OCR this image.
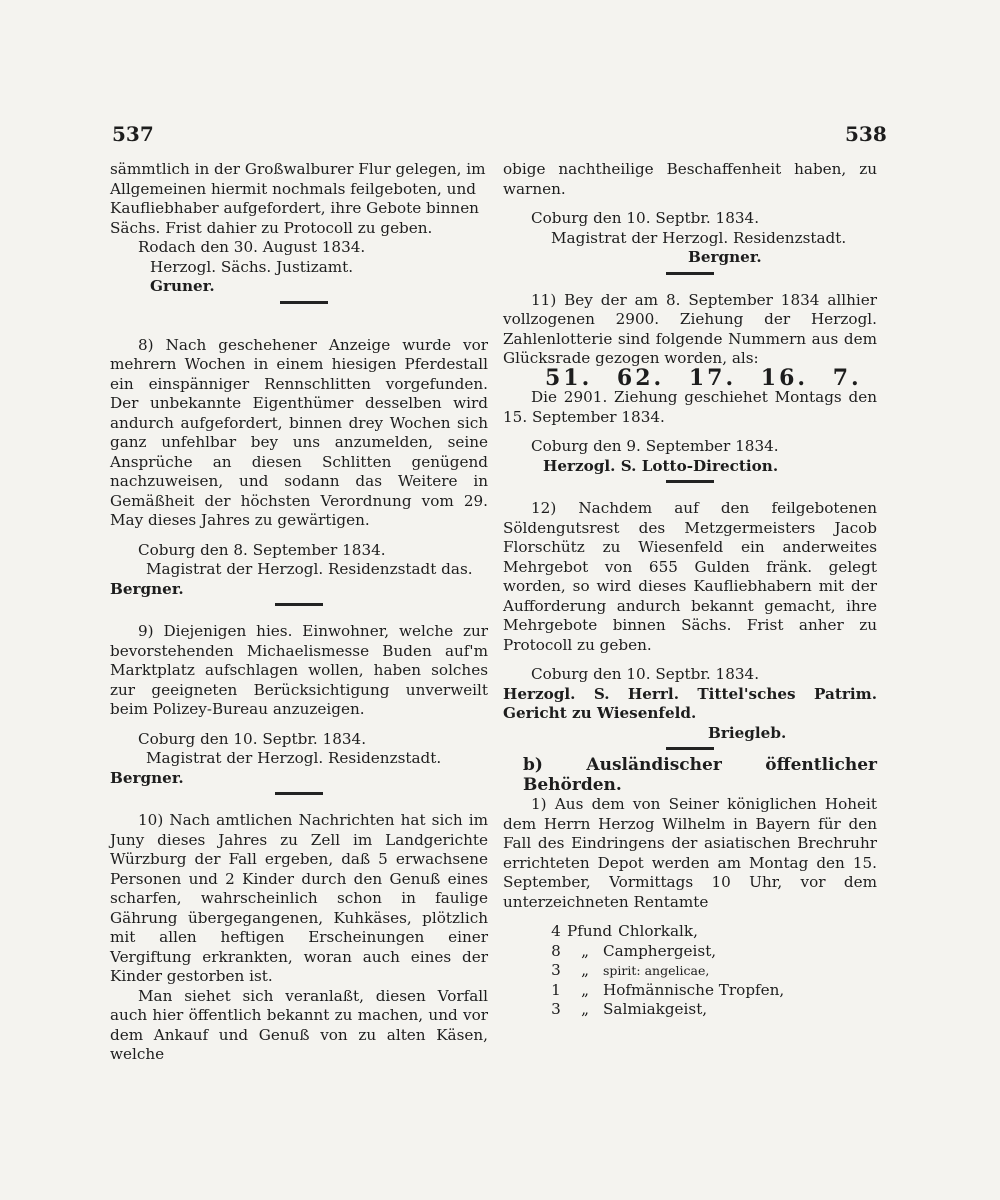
537	538

sämmtlich in der Großwalburer Flur gelegen, im

Allgemeinen hiermit nochmals feilgeboten, und

Kaufliebhaber aufgefordert, ihre Gebote binnen

Sächs. Frist dahier zu Protocoll zu geben.

Rodach den 30. August 1834.

Herzogl. Sächs. Justizamt.

Gruner.

8) Nach geschehener Anzeige wurde vor mehrern Wochen in einem hiesigen Pferdestall ein einspänniger Rennschlitten vorgefunden. Der unbekannte Eigenthümer desselben wird andurch aufgefordert, binnen drey Wochen sich ganz unfehlbar bey uns anzumelden, seine Ansprüche an diesen Schlitten genügend nachzuweisen, und sodann das Weitere in Gemäßheit der höchsten Verordnung vom 29. May dieses Jahres zu gewärtigen.

Coburg den 8. September 1834.

Magistrat der Herzogl. Residenzstadt das.

Bergner.

9) Diejenigen hies. Einwohner, welche zur bevorstehenden Michaelismesse Buden auf'm Marktplatz aufschlagen wollen, haben solches zur geeigneten Berücksichtigung unverweilt beim Polizey-Bureau anzuzeigen.

Coburg den 10. Septbr. 1834.

Magistrat der Herzogl. Residenzstadt.

Bergner.

10) Nach amtlichen Nachrichten hat sich im Juny dieses Jahres zu Zell im Landgerichte Würzburg der Fall ergeben, daß 5 erwachsene Personen und 2 Kinder durch den Genuß eines scharfen, wahrscheinlich schon in faulige Gährung übergegangenen, Kuhkäses, plötzlich mit allen heftigen Erscheinungen einer Vergiftung erkrankten, woran auch eines der Kinder gestorben ist.

Man siehet sich veranlaßt, diesen Vorfall auch hier öffentlich bekannt zu machen, und vor dem Ankauf und Genuß von zu alten Käsen, welche

obige nachtheilige Beschaffenheit haben, zu warnen.

Coburg den 10. Septbr. 1834.

Magistrat der Herzogl. Residenzstadt.

Bergner.

11) Bey der am 8. September 1834 allhier vollzogenen 2900. Ziehung der Herzogl. Zahlenlotterie sind folgende Nummern aus dem Glücksrade gezogen worden, als:

51. 62. 17. 16. 7.

Die 2901. Ziehung geschiehet Montags den 15. September 1834.

Coburg den 9. September 1834.

Herzogl. S. Lotto-Direction.

12) Nachdem auf den feilgebotenen Söldengutsrest des Metzgermeisters Jacob Florschütz zu Wiesenfeld ein anderweites Mehrgebot von 655 Gulden fränk. gelegt worden, so wird dieses Kaufliebhabern mit der Aufforderung andurch bekannt gemacht, ihre Mehrgebote binnen Sächs. Frist anher zu Protocoll zu geben.

Coburg den 10. Septbr. 1834.

Herzogl. S. Herrl. Tittel'sches Patrim. Gericht zu Wiesenfeld.

Briegleb.

b) Ausländischer öffentlicher Behörden.

1) Aus dem von Seiner königlichen Hoheit dem Herrn Herzog Wilhelm in Bayern für den Fall des Eindringens der asiatischen Brechruhr errichteten Depot werden am Montag den 15. September, Vormittags 10 Uhr, vor dem unterzeichneten Rentamte

4 Pfund Chlorkalk,
8	„ Camphergeist,
3	„	spirit: angelicae,
1	„ Hofmännische Tropfen,
3	„ Salmiakgeist,
